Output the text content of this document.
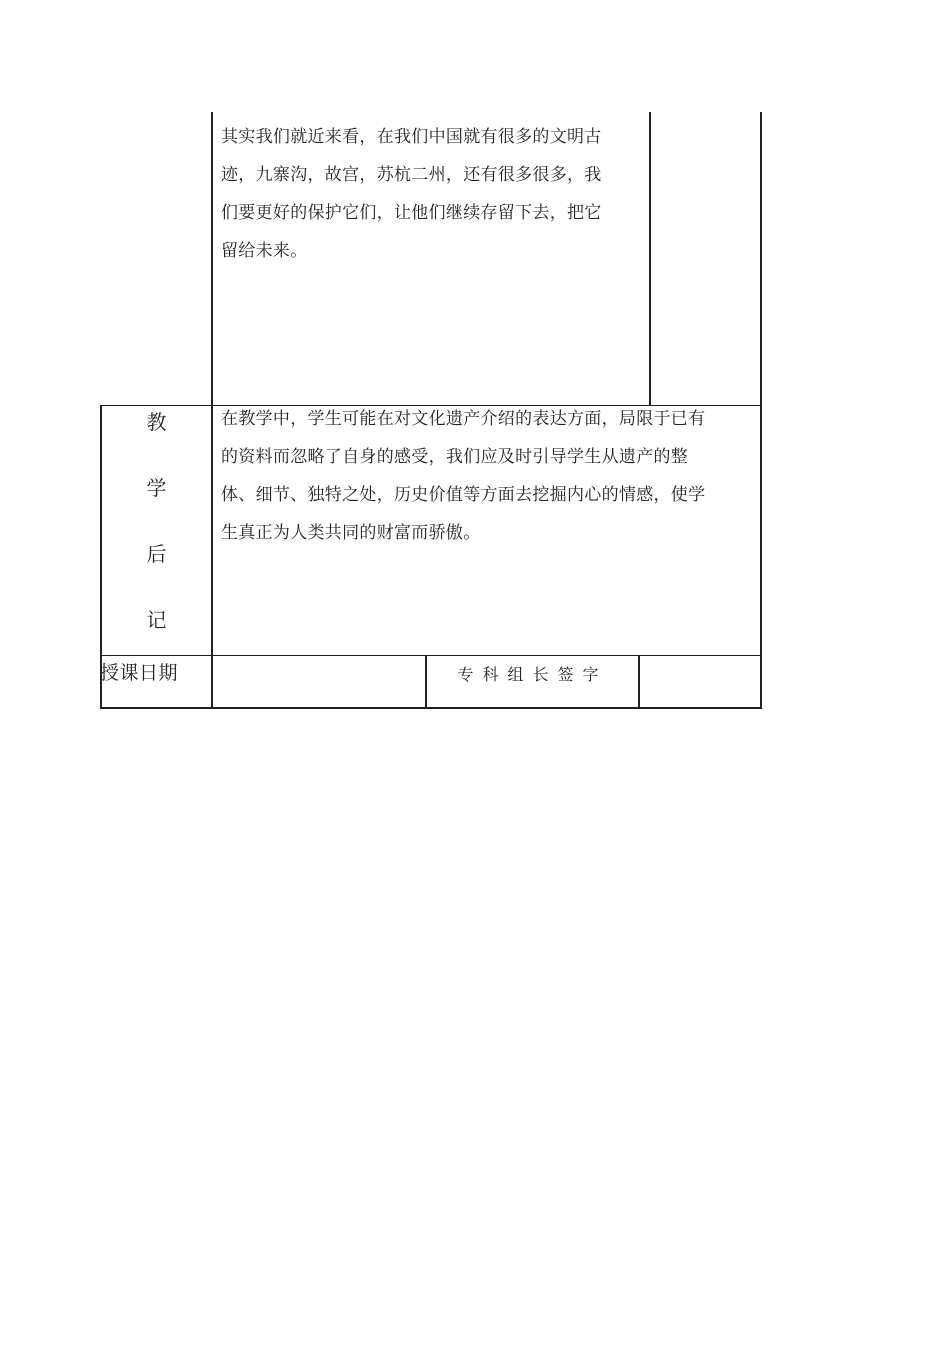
其实我们就近来看，在我们中国就有很多的文明古
迹，九寨沟，故宫，苏杭二州，还有很多很多，我
们要更好的保护它们，让他们继续存留下去，把它
留给未来。
教
学
后
记
在教学中，学生可能在对文化遗产介绍的表达方面，局限于已有
的资料而忽略了自身的感受，我们应及时引导学生从遗产的整
体、细节、独特之处，历史价值等方面去挖掘内心的情感，使学
生真正为人类共同的财富而骄傲。
授课日期	专科组长签字
